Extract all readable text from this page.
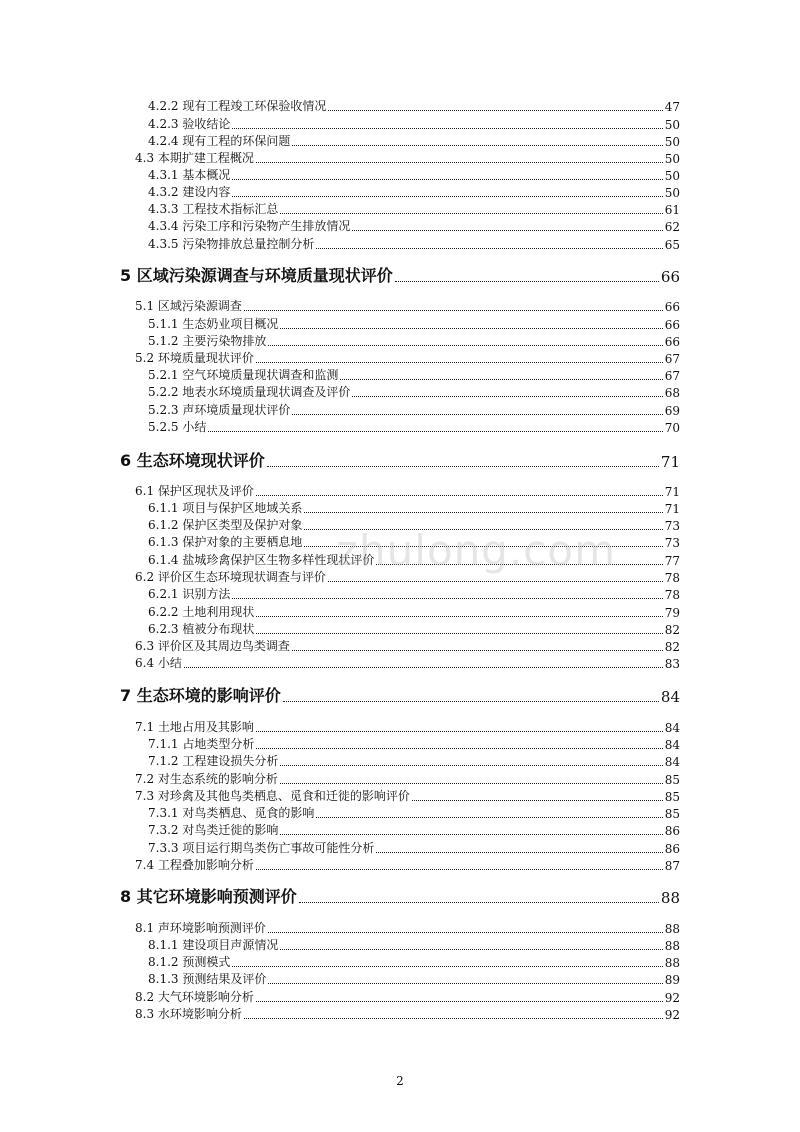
4.2.2 现有工程竣工环保验收情况	47
4.2.3 验收结论	50
4.2.4 现有工程的环保问题	50
4.3 本期扩建工程概况	50
4.3.1 基本概况	50
4.3.2 建设内容	50
4.3.3 工程技术指标汇总	61
4.3.4 污染工序和污染物产生排放情况	62
4.3.5 污染物排放总量控制分析	65
5 区域污染源调查与环境质量现状评价	66
5.1 区域污染源调查	66
5.1.1 生态奶业项目概况	66
5.1.2 主要污染物排放	66
5.2 环境质量现状评价	67
5.2.1 空气环境质量现状调查和监测	67
5.2.2 地表水环境质量现状调查及评价	68
5.2.3 声环境质量现状评价	69
5.2.5 小结	70
6 生态环境现状评价	71
6.1 保护区现状及评价	71
6.1.1 项目与保护区地域关系	71
6.1.2 保护区类型及保护对象	73
6.1.3 保护对象的主要栖息地	73
6.1.4 盐城珍禽保护区生物多样性现状评价	77
6.2 评价区生态环境现状调查与评价	78
6.2.1 识别方法	78
6.2.2 土地利用现状	79
6.2.3 植被分布现状	82
6.3 评价区及其周边鸟类调查	82
6.4 小结	83
7 生态环境的影响评价	84
7.1 土地占用及其影响	84
7.1.1 占地类型分析	84
7.1.2 工程建设损失分析	84
7.2 对生态系统的影响分析	85
7.3 对珍禽及其他鸟类栖息、觅食和迁徙的影响评价	85
7.3.1 对鸟类栖息、觅食的影响	85
7.3.2 对鸟类迁徙的影响	86
7.3.3 项目运行期鸟类伤亡事故可能性分析	86
7.4 工程叠加影响分析	87
8 其它环境影响预测评价	88
8.1 声环境影响预测评价	88
8.1.1 建设项目声源情况	88
8.1.2 预测模式	88
8.1.3 预测结果及评价	89
8.2 大气环境影响分析	92
8.3 水环境影响分析	92
zhulong.com
2
